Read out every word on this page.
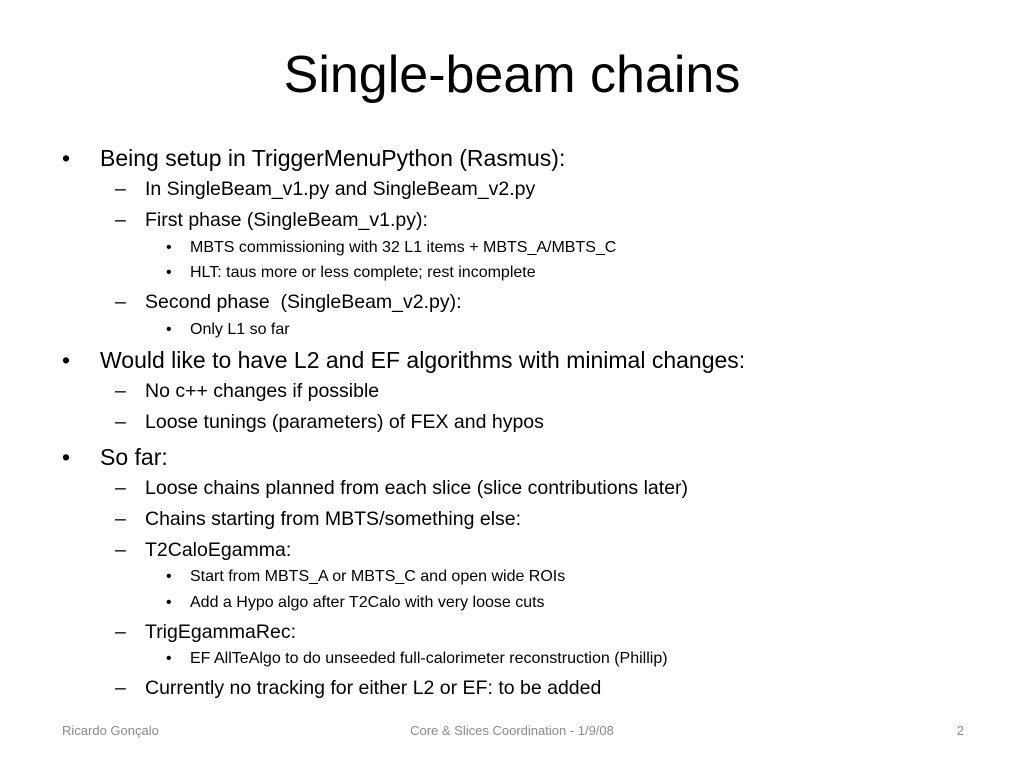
Single-beam chains
• Being setup in TriggerMenuPython (Rasmus):
– In SingleBeam_v1.py and SingleBeam_v2.py
– First phase (SingleBeam_v1.py):
• MBTS commissioning with 32 L1 items + MBTS_A/MBTS_C
• HLT: taus more or less complete; rest incomplete
– Second phase  (SingleBeam_v2.py):
• Only L1 so far
• Would like to have L2 and EF algorithms with minimal changes:
– No c++ changes if possible
– Loose tunings (parameters) of FEX and hypos
• So far:
– Loose chains planned from each slice (slice contributions later)
– Chains starting from MBTS/something else:
– T2CaloEgamma:
• Start from MBTS_A or MBTS_C and open wide ROIs
• Add a Hypo algo after T2Calo with very loose cuts
– TrigEgammaRec:
• EF AllTeAlgo to do unseeded full-calorimeter reconstruction (Phillip)
– Currently no tracking for either L2 or EF: to be added
Ricardo Gonçalo	Core & Slices Coordination - 1/9/08	2
